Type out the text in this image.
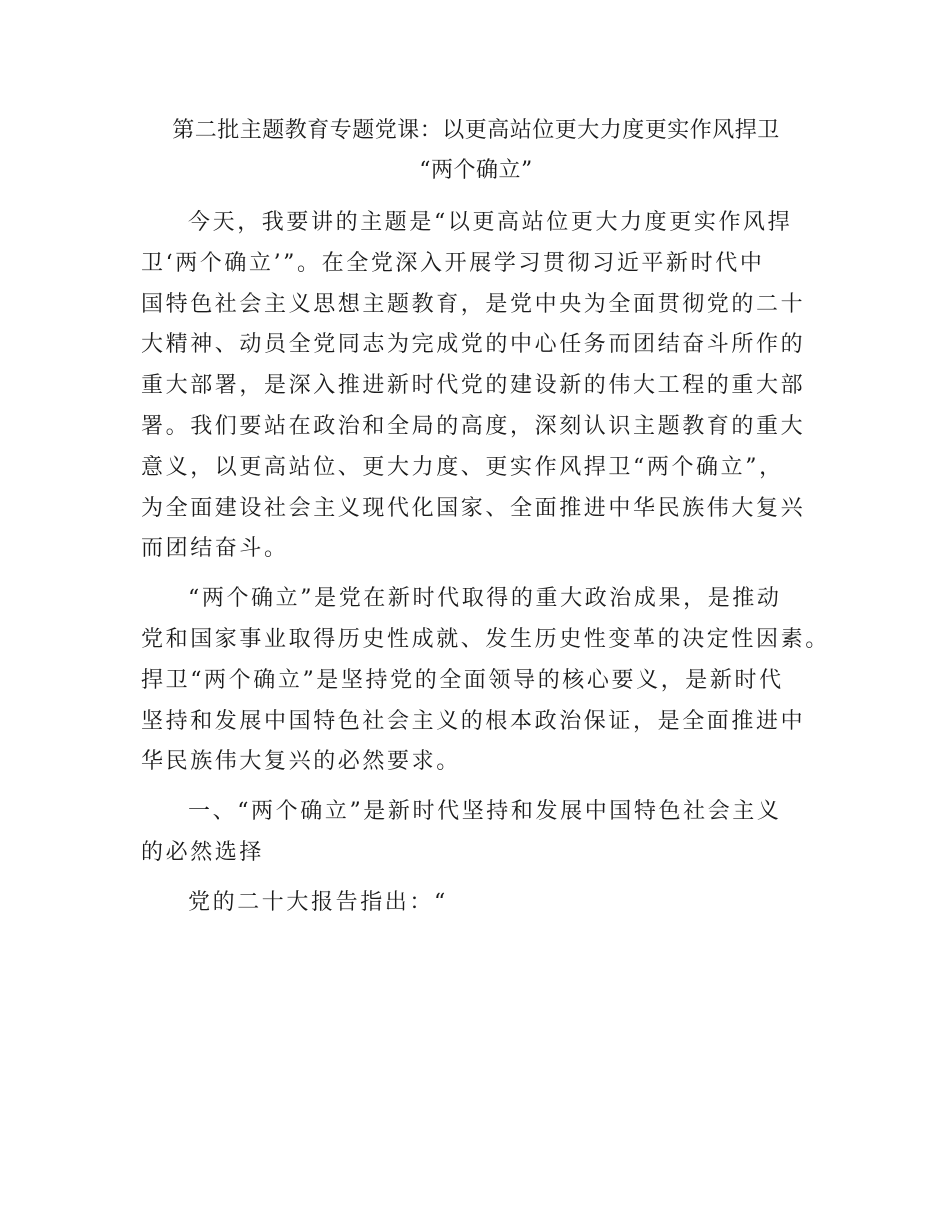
第二批主题教育专题党课：以更高站位更大力度更实作风捍卫
“两个确立”
今天，我要讲的主题是“以更高站位更大力度更实作风捍
卫‘两个确立’”。在全党深入开展学习贯彻习近平新时代中
国特色社会主义思想主题教育，是党中央为全面贯彻党的二十
大精神、动员全党同志为完成党的中心任务而团结奋斗所作的
重大部署，是深入推进新时代党的建设新的伟大工程的重大部
署。我们要站在政治和全局的高度，深刻认识主题教育的重大
意义，以更高站位、更大力度、更实作风捍卫“两个确立”，
为全面建设社会主义现代化国家、全面推进中华民族伟大复兴
而团结奋斗。
“两个确立”是党在新时代取得的重大政治成果，是推动
党和国家事业取得历史性成就、发生历史性变革的决定性因素。
捍卫“两个确立”是坚持党的全面领导的核心要义，是新时代
坚持和发展中国特色社会主义的根本政治保证，是全面推进中
华民族伟大复兴的必然要求。
一、“两个确立”是新时代坚持和发展中国特色社会主义
的必然选择
党的二十大报告指出：“
